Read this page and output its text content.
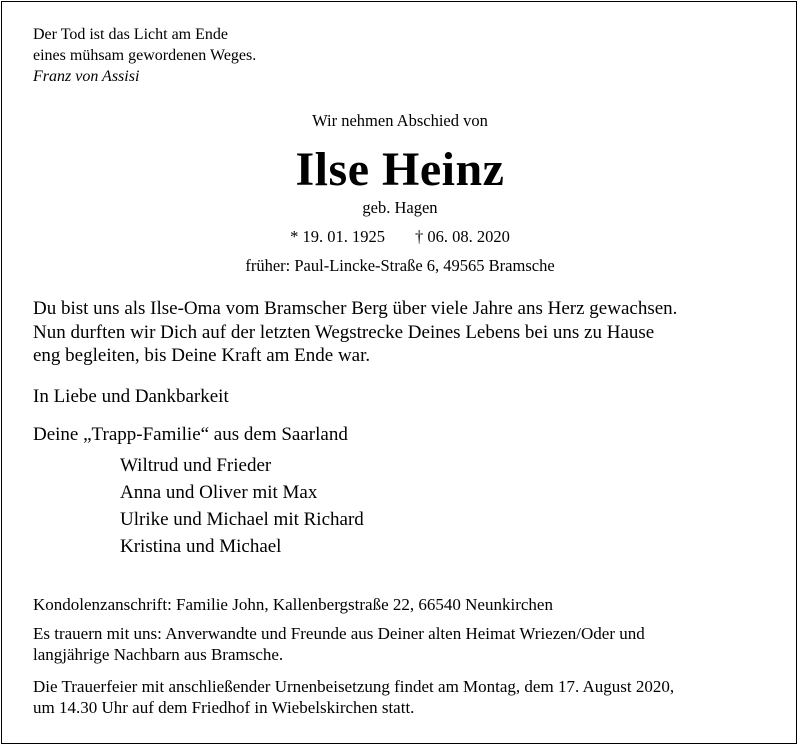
Der Tod ist das Licht am Ende
eines mühsam gewordenen Weges.
Franz von Assisi
Wir nehmen Abschied von
Ilse Heinz
geb. Hagen
* 19. 01. 1925 † 06. 08. 2020
früher: Paul-Lincke-Straße 6, 49565 Bramsche
Du bist uns als Ilse-Oma vom Bramscher Berg über viele Jahre ans Herz gewachsen.
Nun durften wir Dich auf der letzten Wegstrecke Deines Lebens bei uns zu Hause
eng begleiten, bis Deine Kraft am Ende war.
In Liebe und Dankbarkeit
Deine „Trapp-Familie“ aus dem Saarland
Wiltrud und Frieder
Anna und Oliver mit Max
Ulrike und Michael mit Richard
Kristina und Michael
Kondolenzanschrift: Familie John, Kallenbergstraße 22, 66540 Neunkirchen
Es trauern mit uns: Anverwandte und Freunde aus Deiner alten Heimat Wriezen/Oder und
langjährige Nachbarn aus Bramsche.
Die Trauerfeier mit anschließender Urnenbeisetzung findet am Montag, dem 17. August 2020,
um 14.30 Uhr auf dem Friedhof in Wiebelskirchen statt.
